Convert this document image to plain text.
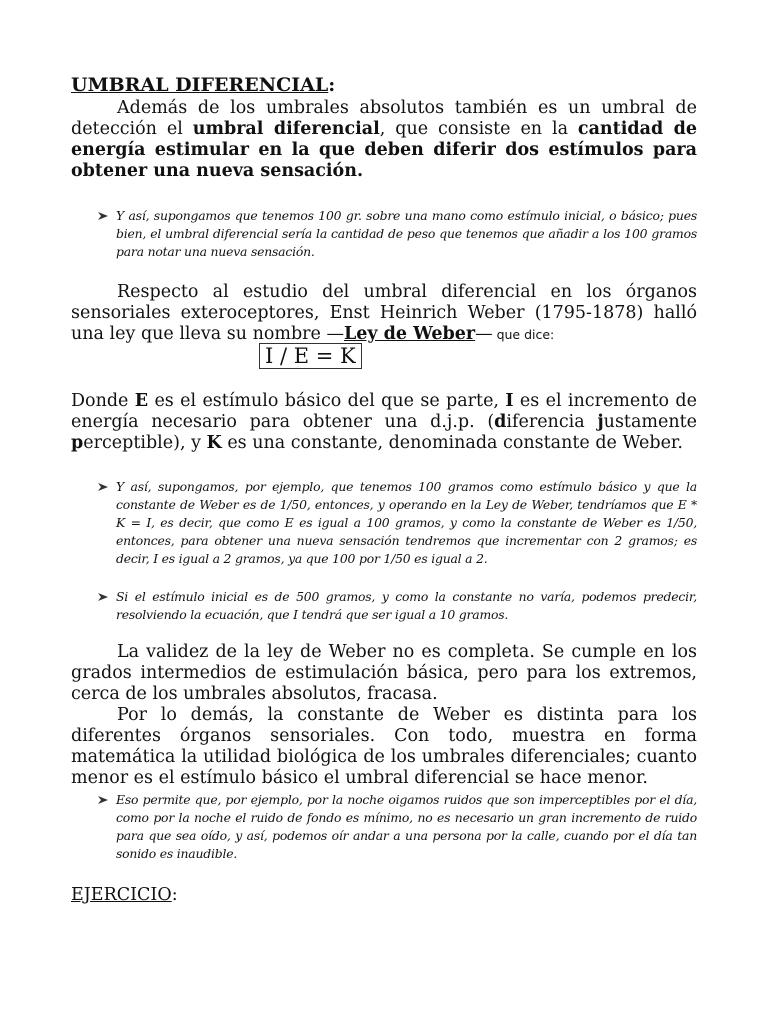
UMBRAL DIFERENCIAL:

Además de los umbrales absolutos también es un umbral de detección el umbral diferencial, que consiste en la cantidad de energía estimular en la que deben diferir dos estímulos para obtener una nueva sensación.

Y así, supongamos que tenemos 100 gr. sobre una mano como estímulo inicial, o básico; pues bien, el umbral diferencial sería la cantidad de peso que tenemos que añadir a los 100 gramos para notar una nueva sensación.

Respecto al estudio del umbral diferencial en los órganos sensoriales exteroceptores, Enst Heinrich Weber (1795-1878) halló una ley que lleva su nombre —Ley de Weber— que dice:

I / E = K

Donde E es el estímulo básico del que se parte, I es el incremento de energía necesario para obtener una d.j.p. (diferencia justamente perceptible), y K es una constante, denominada constante de Weber.

Y así, supongamos, por ejemplo, que tenemos 100 gramos como estímulo básico y que la constante de Weber es de 1/50, entonces, y operando en la Ley de Weber, tendríamos que E * K = I, es decir, que como E es igual a 100 gramos, y como la constante de Weber es 1/50, entonces, para obtener una nueva sensación tendremos que incrementar con 2 gramos; es decir, I es igual a 2 gramos, ya que 100 por 1/50 es igual a 2.
Si el estímulo inicial es de 500 gramos, y como la constante no varía, podemos predecir, resolviendo la ecuación, que I tendrá que ser igual a 10 gramos.

La validez de la ley de Weber no es completa. Se cumple en los grados intermedios de estimulación básica, pero para los extremos, cerca de los umbrales absolutos, fracasa.

Por lo demás, la constante de Weber es distinta para los diferentes órganos sensoriales. Con todo, muestra en forma matemática la utilidad biológica de los umbrales diferenciales; cuanto menor es el estímulo básico el umbral diferencial se hace menor.

Eso permite que, por ejemplo, por la noche oigamos ruidos que son imperceptibles por el día, como por la noche el ruido de fondo es mínimo, no es necesario un gran incremento de ruido para que sea oído, y así, podemos oír andar a una persona por la calle, cuando por el día tan sonido es inaudible.

EJERCICIO:
